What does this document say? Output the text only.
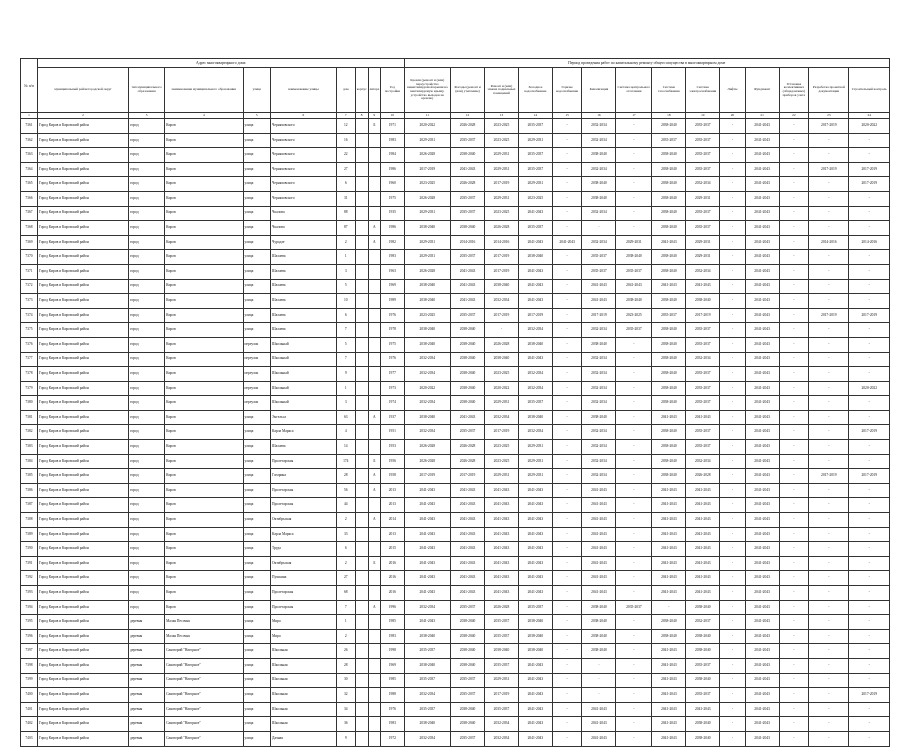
№ п/п	Адрес многоквартирного дома									Период проведения работ по капитальному ремонту общего имущества в многоквартирном доме													
	муниципальный район/городской округ	тип муниципального образования	наименование муниципального образования	улица	наименование улицы	дом	корпус	литера	Год постройки	Кровля (ремонт и (или) переустройство невентилируемой крыши на вентилируемую крышу, устройство выходов на кровлю)	Фасады (ремонт и (или) утепление)	Ремонт и (или) замена подвальных помещений	Холодное водоснабжение	Горячее водоснабжение	Канализация	Система центрального отопления	Система газоснабжения	Система электроснабжения	Лифты	Фундамент	Установка коллективных (общедомовых) приборов учета	Разработка проектной документации	Строительный контроль
1	2	3	4	5	6	7	8	9	10	11	12	13	14	15	16	17	18	19	20	21	22	23	24
7361	Город Киров и Кировский район	город	Киров	улица	Черняховского	12		Б	1971	2020-2022	2026-2028	2023-2025	2035-2037	-	2032-2034	-	2038-2040	2035-2037	-	2041-2043	-	2017-2019	2020-2022
7362	Город Киров и Кировский район	город	Киров	улица	Черняховского	16			1983	2029-2031	2035-2037	2023-2025	2029-2031	-	2032-2034	-	2035-2037	2035-2037	-	2041-2043	-	-	-
7363	Город Киров и Кировский район	город	Киров	улица	Черняховского	22			1984	2026-2028	2038-2040	2029-2031	2035-2037	-	2038-2040	-	2038-2040	2035-2037	-	2041-2043	-	-	-
7364	Город Киров и Кировский район	город	Киров	улица	Черняховского	27			1986	2017-2019	2041-2043	2029-2031	2035-2037	-	2032-2034	-	2038-2040	2035-2037	-	2041-2043	-	2017-2019	2017-2019
7365	Город Киров и Кировский район	город	Киров	улица	Черняховского	6			1960	2023-2025	2026-2028	2017-2019	2029-2031	-	2038-2040	-	2038-2040	2032-2034	-	2041-2043	-	-	2017-2019
7366	Город Киров и Кировский район	город	Киров	улица	Черняховского	31			1975	2026-2028	2035-2037	2029-2031	2023-2025	-	2038-2040	-	2038-2040	2029-2031	-	2041-2043	-	-	-
7367	Город Киров и Кировский район	город	Киров	улица	Чкалова	88			1935	2029-2031	2035-2037	2023-2025	2041-2043	-	2032-2034	-	2038-2040	2035-2037	-	2041-2043	-	-	-
7368	Город Киров и Кировский район	город	Киров	улица	Чкалова	87		А	1986	2038-2040	2038-2040	2026-2028	2035-2037	-	-	-	2038-2040	2035-2037	-	2041-2043	-	-	-
7369	Город Киров и Кировский район	город	Киров	улица	Чурадзе	2		А	1982	2029-2031	2014-2016	2014-2016	2041-2043	2041-2043	2032-2034	2029-2031	2041-2043	2029-2031	-	2041-2043	-	2014-2016	2014-2016
7370	Город Киров и Кировский район	город	Киров	улица	Шалаева	1			1983	2029-2031	2035-2037	2017-2019	2038-2040	-	2035-2037	2038-2040	2038-2040	2029-2031	-	2041-2043	-	-	-
7371	Город Киров и Кировский район	город	Киров	улица	Шалаева	3			1963	2026-2028	2041-2043	2017-2019	2041-2043	-	2035-2037	2035-2037	2038-2040	2032-2034	-	2041-2043	-	-	-
7372	Город Киров и Кировский район	город	Киров	улица	Шалаева	5			1969	2038-2040	2041-2043	2038-2040	2041-2043	-	2041-2043	2041-2043	2041-2043	2041-2043	-	2041-2043	-	-	-
7373	Город Киров и Кировский район	город	Киров	улица	Шалаева	10			1989	2038-2040	2041-2043	2032-2034	2041-2043	-	2041-2043	2038-2040	2038-2040	2038-2040	-	2041-2043	-	-	-
7374	Город Киров и Кировский район	город	Киров	улица	Шалаева	6			1976	2023-2025	2035-2037	2017-2019	2017-2019	-	2017-2019	2023-2025	2035-2037	2017-2019	-	2041-2043	-	2017-2019	2017-2019
7375	Город Киров и Кировский район	город	Киров	улица	Шалаева	7			1978	2038-2040	2038-2040	-	2032-2034	-	2032-2034	2035-2037	2038-2040	2035-2037	-	2041-2043	-	-	-
7376	Город Киров и Кировский район	город	Киров	переулок	Школьный	5			1975	2038-2040	2038-2040	2026-2028	2038-2040	-	2038-2040	-	2038-2040	2035-2037	-	2041-2043	-	-	-
7377	Город Киров и Кировский район	город	Киров	переулок	Школьный	7			1976	2032-2034	2038-2040	2038-2040	2041-2043	-	2032-2034	-	2038-2040	2032-2034	-	2041-2043	-	-	-
7378	Город Киров и Кировский район	город	Киров	переулок	Школьный	9			1977	2032-2034	2038-2040	2023-2025	2032-2034	-	2032-2034	-	2038-2040	2035-2037	-	2041-2043	-	-	-
7379	Город Киров и Кировский район	город	Киров	переулок	Школьный	1			1973	2020-2022	2038-2040	2020-2022	2032-2034	-	2032-2034	-	2038-2040	2035-2037	-	2041-2043	-	-	2020-2022
7380	Город Киров и Кировский район	город	Киров	переулок	Школьный	3			1974	2032-2034	2038-2040	2029-2031	2035-2037	-	2032-2034	-	2038-2040	2035-2037	-	2041-2043	-	-	-
7381	Город Киров и Кировский район	город	Киров	улица	Энгельса	63		А	1937	2038-2040	2041-2043	2032-2034	2038-2040	-	2038-2040	-	2041-2043	2041-2043	-	2041-2043	-	-	-
7382	Город Киров и Кировский район	город	Киров	улица	Карла Маркса	4			1951	2032-2034	2035-2037	2017-2019	2032-2034	-	2032-2034	-	2038-2040	2035-2037	-	2041-2043	-	-	2017-2019
7383	Город Киров и Кировский район	город	Киров	улица	Шалаева	14			1953	2026-2028	2026-2028	2023-2025	2029-2031	-	2032-2034	-	2038-2040	2035-2037	-	2041-2043	-	-	-
7384	Город Киров и Кировский район	город	Киров	улица	Пролетарская	174		Б	1956	2026-2028	2026-2028	2023-2025	2029-2031	-	2032-2034	-	2038-2040	2032-2034	-	2041-2043	-	-	-
7385	Город Киров и Кировский район	город	Киров	улица	Гагарина	28		А	1958	2017-2019	2017-2019	2029-2031	2029-2031	-	2032-2034	-	2038-2040	2026-2028	-	2041-2043	-	2017-2019	2017-2019
7386	Город Киров и Кировский район	город	Киров	улица	Пролетарская	56		А	2013	2041-2043	2041-2043	2041-2043	2041-2043	-	2041-2043	-	2041-2043	2041-2043	-	2041-2043	-	-	-
7387	Город Киров и Кировский район	город	Киров	улица	Пролетарская	44			2013	2041-2043	2041-2043	2041-2043	2041-2043	-	2041-2043	-	2041-2043	2041-2043	-	2041-2043	-	-	-
7388	Город Киров и Кировский район	город	Киров	улица	Октябрьская	2		А	2014	2041-2043	2041-2043	2041-2043	2041-2043	-	2041-2043	-	2041-2043	2041-2043	-	2041-2043	-	-	-
7389	Город Киров и Кировский район	город	Киров	улица	Карла Маркса	33			2013	2041-2043	2041-2043	2041-2043	2041-2043	-	2041-2043	-	2041-2043	2041-2043	-	2041-2043	-	-	-
7390	Город Киров и Кировский район	город	Киров	улица	Труда	6			2015	2041-2043	2041-2043	2041-2043	2041-2043	-	2041-2043	-	2041-2043	2041-2043	-	2041-2043	-	-	-
7391	Город Киров и Кировский район	город	Киров	улица	Октябрьская	2		Б	2016	2041-2043	2041-2043	2041-2043	2041-2043	-	2041-2043	-	2041-2043	2041-2043	-	2041-2043	-	-	-
7392	Город Киров и Кировский район	город	Киров	улица	Пушкина	27			2016	2041-2043	2041-2043	2041-2043	2041-2043	-	2041-2043	-	2041-2043	2041-2043	-	2041-2043	-	-	-
7393	Город Киров и Кировский район	город	Киров	улица	Пролетарская	68			2016	2041-2043	2041-2043	2041-2043	2041-2043	-	2041-2043	-	2041-2043	2041-2043	-	2041-2043	-	-	-
7394	Город Киров и Кировский район	город	Киров	улица	Пролетарская	7		А	1996	2032-2034	2035-2037	2026-2028	2035-2037	-	2038-2040	2035-2037	-	2038-2040	-	2041-2043	-	-	-
7395	Город Киров и Кировский район	деревня	Малая Песочня	улица	Мира	1			1985	2041-2043	2038-2040	2035-2037	2038-2040	-	2038-2040	-	2038-2040	2032-2037	-	2041-2043	-	-	-
7396	Город Киров и Кировский район	деревня	Малая Песочня	улица	Мира	2			1983	2038-2040	2038-2040	2035-2037	2038-2040	-	2038-2040	-	2038-2040	2038-2040	-	2041-2043	-	-	-
7397	Город Киров и Кировский район	деревня	Санаторий "Нагорное"	улица	Школьная	26			1998	2035-2037	2038-2040	2038-2040	2038-2040	-	2038-2040	-	2041-2043	2038-2040	-	2041-2043	-	-	-
7398	Город Киров и Кировский район	деревня	Санаторий "Нагорное"	улица	Школьная	28			1969	2038-2040	2038-2040	2035-2037	2041-2043	-	-	-	2041-2043	2035-2037	-	2041-2043	-	-	-
7399	Город Киров и Кировский район	деревня	Санаторий "Нагорное"	улица	Школьная	30			1985	2035-2037	2035-2037	2029-2031	2041-2043	-	-	-	2041-2043	2038-2040	-	2041-2043	-	-	-
7400	Город Киров и Кировский район	деревня	Санаторий "Нагорное"	улица	Школьная	32			1988	2032-2034	2035-2037	2017-2019	2041-2043	-	-	-	2041-2043	2035-2037	-	2041-2043	-	-	2017-2019
7401	Город Киров и Кировский район	деревня	Санаторий "Нагорное"	улица	Школьная	34			1976	2035-2037	2038-2040	2035-2037	2041-2043	-	2041-2043	-	2041-2043	2041-2043	-	2041-2043	-	-	-
7402	Город Киров и Кировский район	деревня	Санаторий "Нагорное"	улица	Школьная	36			1983	2038-2040	2038-2040	2032-2034	2041-2043	-	2041-2043	-	2041-2043	2038-2040	-	2041-2043	-	-	-
7403	Город Киров и Кировский район	деревня	Санаторий "Нагорное"	улица	Дачная	9			1972	2032-2034	2035-2037	2032-2034	2041-2043	-	2041-2043	-	2041-2043	2038-2040	-	2041-2043	-	-	-
